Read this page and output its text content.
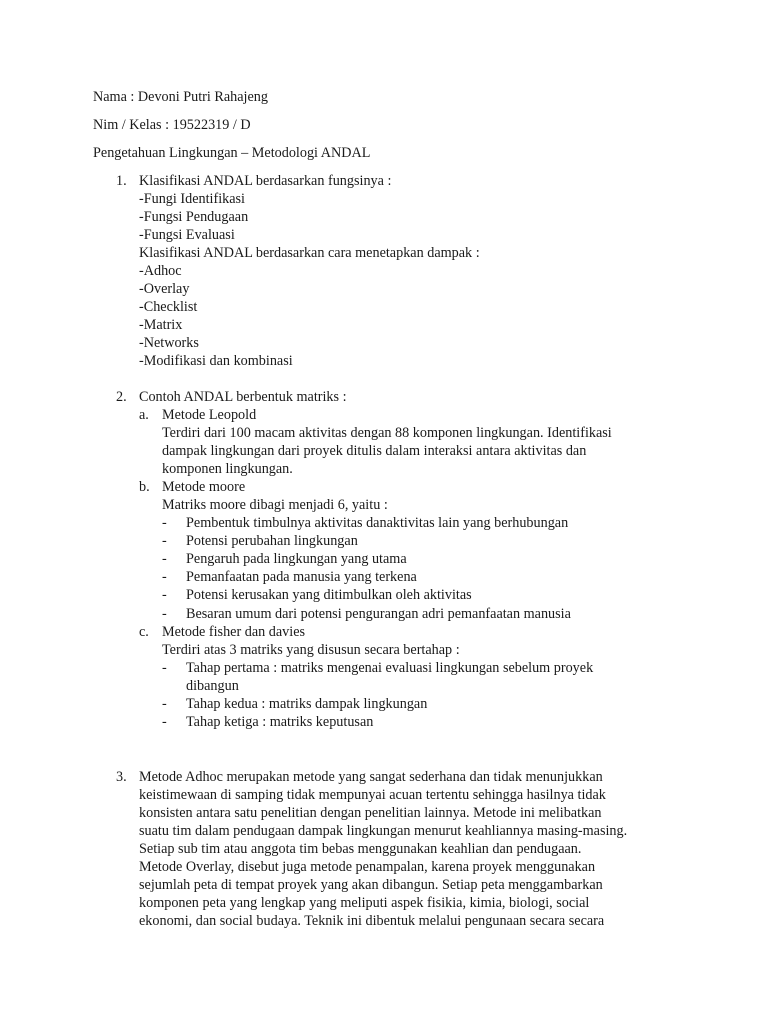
Nama : Devoni Putri Rahajeng
Nim / Kelas : 19522319 / D
Pengetahuan Lingkungan – Metodologi ANDAL
1. Klasifikasi ANDAL berdasarkan fungsinya :
-Fungi Identifikasi
-Fungsi Pendugaan
-Fungsi Evaluasi
Klasifikasi ANDAL berdasarkan cara menetapkan dampak :
-Adhoc
-Overlay
-Checklist
-Matrix
-Networks
-Modifikasi dan kombinasi
2. Contoh ANDAL berbentuk matriks :
a. Metode Leopold
Terdiri dari 100 macam aktivitas dengan 88 komponen lingkungan. Identifikasi
dampak lingkungan dari proyek ditulis dalam interaksi antara aktivitas dan
komponen lingkungan.
b. Metode moore
Matriks moore dibagi menjadi 6, yaitu :
- Pembentuk timbulnya aktivitas danaktivitas lain yang berhubungan
- Potensi perubahan lingkungan
- Pengaruh pada lingkungan yang utama
- Pemanfaatan pada manusia yang terkena
- Potensi kerusakan yang ditimbulkan oleh aktivitas
- Besaran umum dari potensi pengurangan adri pemanfaatan manusia
c. Metode fisher dan davies
Terdiri atas 3 matriks yang disusun secara bertahap :
- Tahap pertama : matriks mengenai evaluasi lingkungan sebelum proyek
dibangun
- Tahap kedua : matriks dampak lingkungan
- Tahap ketiga : matriks keputusan
3. Metode Adhoc merupakan metode yang sangat sederhana dan tidak menunjukkan
keistimewaan di samping tidak mempunyai acuan tertentu sehingga hasilnya tidak
konsisten antara satu penelitian dengan penelitian lainnya. Metode ini melibatkan
suatu tim dalam pendugaan dampak lingkungan menurut keahliannya masing-masing.
Setiap sub tim atau anggota tim bebas menggunakan keahlian dan pendugaan.
Metode Overlay, disebut juga metode penampalan, karena proyek menggunakan
sejumlah peta di tempat proyek yang akan dibangun. Setiap peta menggambarkan
komponen peta yang lengkap yang meliputi aspek fisikia, kimia, biologi, social
ekonomi, dan social budaya. Teknik ini dibentuk melalui pengunaan secara secara
